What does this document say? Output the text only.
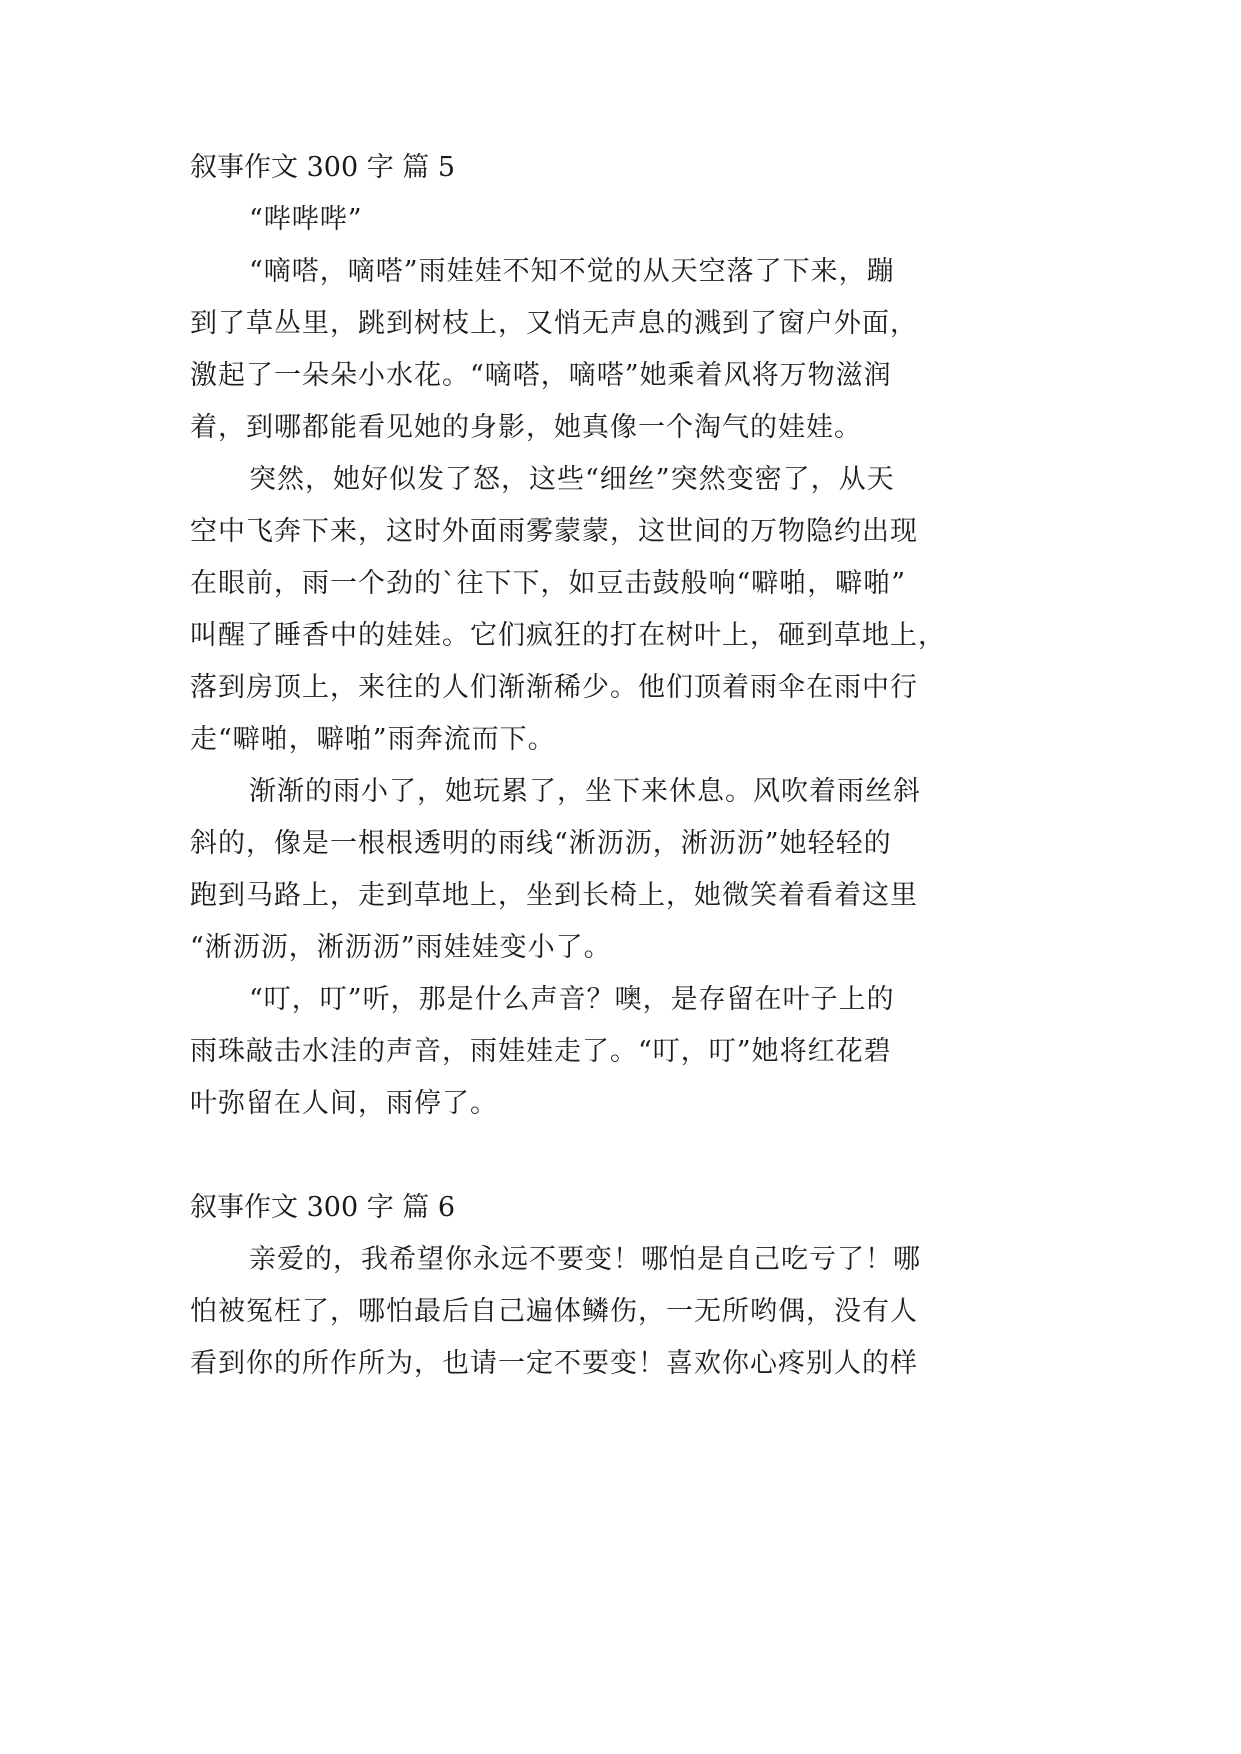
叙事作文 300 字 篇 5
“哔哔哔”
“嘀嗒，嘀嗒”雨娃娃不知不觉的从天空落了下来，蹦
到了草丛里，跳到树枝上，又悄无声息的溅到了窗户外面，
激起了一朵朵小水花。“嘀嗒，嘀嗒”她乘着风将万物滋润
着，到哪都能看见她的身影，她真像一个淘气的娃娃。
突然，她好似发了怒，这些“细丝”突然变密了，从天
空中飞奔下来，这时外面雨雾蒙蒙，这世间的万物隐约出现
在眼前，雨一个劲的`往下下，如豆击鼓般响“噼啪，噼啪”
叫醒了睡香中的娃娃。它们疯狂的打在树叶上，砸到草地上，
落到房顶上，来往的人们渐渐稀少。他们顶着雨伞在雨中行
走“噼啪，噼啪”雨奔流而下。
渐渐的雨小了，她玩累了，坐下来休息。风吹着雨丝斜
斜的，像是一根根透明的雨线“淅沥沥，淅沥沥”她轻轻的
跑到马路上，走到草地上，坐到长椅上，她微笑着看着这里
“淅沥沥，淅沥沥”雨娃娃变小了。
“叮，叮”听，那是什么声音？噢，是存留在叶子上的
雨珠敲击水洼的声音，雨娃娃走了。“叮，叮”她将红花碧
叶弥留在人间，雨停了。
叙事作文 300 字 篇 6
亲爱的，我希望你永远不要变！哪怕是自己吃亏了！哪
怕被冤枉了，哪怕最后自己遍体鳞伤，一无所哟偶，没有人
看到你的所作所为，也请一定不要变！喜欢你心疼别人的样
